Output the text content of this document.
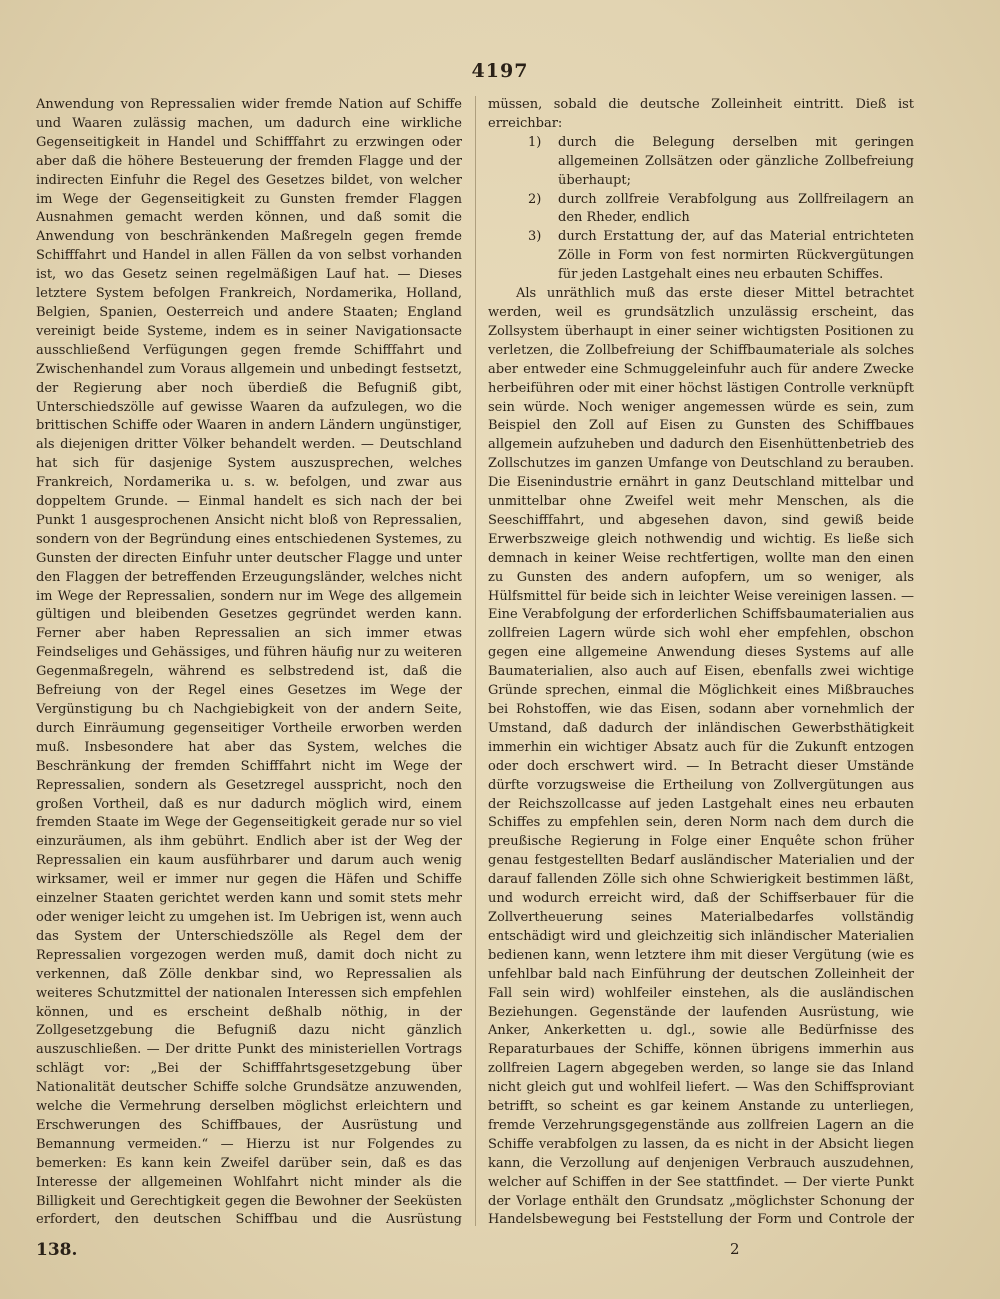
4197

Anwendung von Repressalien wider fremde Nation auf Schiffe und Waaren zulässig machen, um dadurch eine wirkliche Gegenseitigkeit in Handel und Schifffahrt zu erzwingen oder aber daß die höhere Besteuerung der fremden Flagge und der indirecten Einfuhr die Regel des Gesetzes bildet, von welcher im Wege der Gegenseitigkeit zu Gunsten fremder Flaggen Ausnahmen gemacht werden können, und daß somit die Anwendung von beschränkenden Maßregeln gegen fremde Schifffahrt und Handel in allen Fällen da von selbst vorhanden ist, wo das Gesetz seinen regelmäßigen Lauf hat. — Dieses letztere System befolgen Frankreich, Nordamerika, Holland, Belgien, Spanien, Oesterreich und andere Staaten; England vereinigt beide Systeme, indem es in seiner Navigationsacte ausschließend Verfügungen gegen fremde Schifffahrt und Zwischenhandel zum Voraus allgemein und unbedingt festsetzt, der Regierung aber noch überdieß die Befugniß gibt, Unterschiedszölle auf gewisse Waaren da aufzulegen, wo die brittischen Schiffe oder Waaren in andern Ländern ungünstiger, als diejenigen dritter Völker behandelt werden. — Deutschland hat sich für dasjenige System auszusprechen, welches Frankreich, Nordamerika u. s. w. befolgen, und zwar aus doppeltem Grunde. — Einmal handelt es sich nach der bei Punkt 1 ausgesprochenen Ansicht nicht bloß von Repressalien, sondern von der Begründung eines entschiedenen Systemes, zu Gunsten der directen Einfuhr unter deutscher Flagge und unter den Flaggen der betreffenden Erzeugungsländer, welches nicht im Wege der Repressalien, sondern nur im Wege des allgemein gültigen und bleibenden Gesetzes gegründet werden kann. Ferner aber haben Repressalien an sich immer etwas Feindseliges und Gehässiges, und führen häufig nur zu weiteren Gegenmaßregeln, während es selbstredend ist, daß die Befreiung von der Regel eines Gesetzes im Wege der Vergünstigung bu ch Nachgiebigkeit von der andern Seite, durch Einräumung gegenseitiger Vortheile erworben werden muß. Insbesondere hat aber das System, welches die Beschränkung der fremden Schifffahrt nicht im Wege der Repressalien, sondern als Gesetzregel ausspricht, noch den großen Vortheil, daß es nur dadurch möglich wird, einem fremden Staate im Wege der Gegenseitigkeit gerade nur so viel einzuräumen, als ihm gebührt. Endlich aber ist der Weg der Repressalien ein kaum ausführbarer und darum auch wenig wirksamer, weil er immer nur gegen die Häfen und Schiffe einzelner Staaten gerichtet werden kann und somit stets mehr oder weniger leicht zu umgehen ist. Im Uebrigen ist, wenn auch das System der Unterschiedszölle als Regel dem der Repressalien vorgezogen werden muß, damit doch nicht zu verkennen, daß Zölle denkbar sind, wo Repressalien als weiteres Schutzmittel der nationalen Interessen sich empfehlen können, und es erscheint deßhalb nöthig, in der Zollgesetzgebung die Befugniß dazu nicht gänzlich auszuschließen. — Der dritte Punkt des ministeriellen Vortrags schlägt vor: „Bei der Schifffahrtsgesetzgebung über Nationalität deutscher Schiffe solche Grundsätze anzuwenden, welche die Vermehrung derselben möglichst erleichtern und Erschwerungen des Schiffbaues, der Ausrüstung und Bemannung vermeiden.“ — Hierzu ist nur Folgendes zu bemerken: Es kann kein Zweifel darüber sein, daß es das Interesse der allgemeinen Wohlfahrt nicht minder als die Billigkeit und Gerechtigkeit gegen die Bewohner der Seeküsten erfordert, den deutschen Schiffbau und die Ausrüstung

müssen, sobald die deutsche Zolleinheit eintritt. Dieß ist erreichbar:

1)	durch die Belegung derselben mit geringen allgemeinen Zollsätzen oder gänzliche Zollbefreiung überhaupt;
2)	durch zollfreie Verabfolgung aus Zollfreilagern an den Rheder, endlich
3)	durch Erstattung der, auf das Material entrichteten Zölle in Form von fest normirten Rückvergütungen für jeden Lastgehalt eines neu erbauten Schiffes.

Als unräthlich muß das erste dieser Mittel betrachtet werden, weil es grundsätzlich unzulässig erscheint, das Zollsystem überhaupt in einer seiner wichtigsten Positionen zu verletzen, die Zollbefreiung der Schiffbaumateriale als solches aber entweder eine Schmuggeleinfuhr auch für andere Zwecke herbeiführen oder mit einer höchst lästigen Controlle verknüpft sein würde. Noch weniger angemessen würde es sein, zum Beispiel den Zoll auf Eisen zu Gunsten des Schiffbaues allgemein aufzuheben und dadurch den Eisenhüttenbetrieb des Zollschutzes im ganzen Umfange von Deutschland zu berauben. Die Eisenindustrie ernährt in ganz Deutschland mittelbar und unmittelbar ohne Zweifel weit mehr Menschen, als die Seeschifffahrt, und abgesehen davon, sind gewiß beide Erwerbszweige gleich nothwendig und wichtig. Es ließe sich demnach in keiner Weise rechtfertigen, wollte man den einen zu Gunsten des andern aufopfern, um so weniger, als Hülfsmittel für beide sich in leichter Weise vereinigen lassen. — Eine Verabfolgung der erforderlichen Schiffsbaumaterialien aus zollfreien Lagern würde sich wohl eher empfehlen, obschon gegen eine allgemeine Anwendung dieses Systems auf alle Baumaterialien, also auch auf Eisen, ebenfalls zwei wichtige Gründe sprechen, einmal die Möglichkeit eines Mißbrauches bei Rohstoffen, wie das Eisen, sodann aber vornehmlich der Umstand, daß dadurch der inländischen Gewerbsthätigkeit immerhin ein wichtiger Absatz auch für die Zukunft entzogen oder doch erschwert wird. — In Betracht dieser Umstände dürfte vorzugsweise die Ertheilung von Zollvergütungen aus der Reichszollcasse auf jeden Lastgehalt eines neu erbauten Schiffes zu empfehlen sein, deren Norm nach dem durch die preußische Regierung in Folge einer Enquête schon früher genau festgestellten Bedarf ausländischer Materialien und der darauf fallenden Zölle sich ohne Schwierigkeit bestimmen läßt, und wodurch erreicht wird, daß der Schiffserbauer für die Zollvertheuerung seines Materialbedarfes vollständig entschädigt wird und gleichzeitig sich inländischer Materialien bedienen kann, wenn letztere ihm mit dieser Vergütung (wie es unfehlbar bald nach Einführung der deutschen Zolleinheit der Fall sein wird) wohlfeiler einstehen, als die ausländischen Beziehungen. Gegenstände der laufenden Ausrüstung, wie Anker, Ankerketten u. dgl., sowie alle Bedürfnisse des Reparaturbaues der Schiffe, können übrigens immerhin aus zollfreien Lagern abgegeben werden, so lange sie das Inland nicht gleich gut und wohlfeil liefert. — Was den Schiffsproviant betrifft, so scheint es gar keinem Anstande zu unterliegen, fremde Verzehrungsgegenstände aus zollfreien Lagern an die Schiffe verabfolgen zu lassen, da es nicht in der Absicht liegen kann, die Verzollung auf denjenigen Verbrauch auszudehnen, welcher auf Schiffen in der See stattfindet. — Der vierte Punkt der Vorlage enthält den Grundsatz „möglichster Schonung der Handelsbewegung bei Feststellung der Form und Controle der

138.	2
